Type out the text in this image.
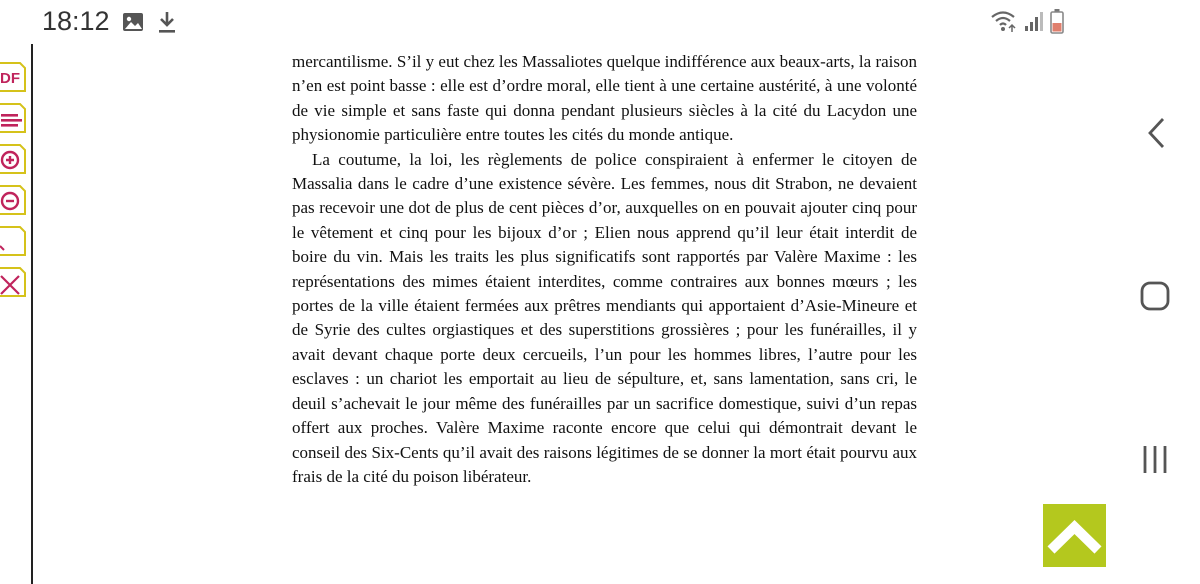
18:12
DF

mercantilisme. S’il y eut chez les Massaliotes quelque indifférence aux beaux-arts, la raison n’en est point basse : elle est d’ordre moral, elle tient à une certaine austérité, à une volonté de vie simple et sans faste qui donna pendant plusieurs siècles à la cité du Lacydon une physionomie particulière entre toutes les cités du monde antique.

La coutume, la loi, les règlements de police conspiraient à enfermer le citoyen de Massalia dans le cadre d’une existence sévère. Les femmes, nous dit Strabon, ne devaient pas recevoir une dot de plus de cent pièces d’or, auxquelles on en pouvait ajouter cinq pour le vêtement et cinq pour les bijoux d’or ; Elien nous apprend qu’il leur était interdit de boire du vin. Mais les traits les plus significatifs sont rapportés par Valère Maxime : les représentations des mimes étaient interdites, comme contraires aux bonnes mœurs ; les portes de la ville étaient fermées aux prêtres mendiants qui apportaient d’Asie-Mineure et de Syrie des cultes orgiastiques et des superstitions grossières ; pour les funérailles, il y avait devant chaque porte deux cercueils, l’un pour les hommes libres, l’autre pour les esclaves : un chariot les emportait au lieu de sépulture, et, sans lamentation, sans cri, le deuil s’achevait le jour même des funérailles par un sacrifice domestique, suivi d’un repas offert aux proches. Valère Maxime raconte encore que celui qui démontrait devant le conseil des Six-Cents qu’il avait des raisons légitimes de se donner la mort était pourvu aux frais de la cité du poison libérateur.
